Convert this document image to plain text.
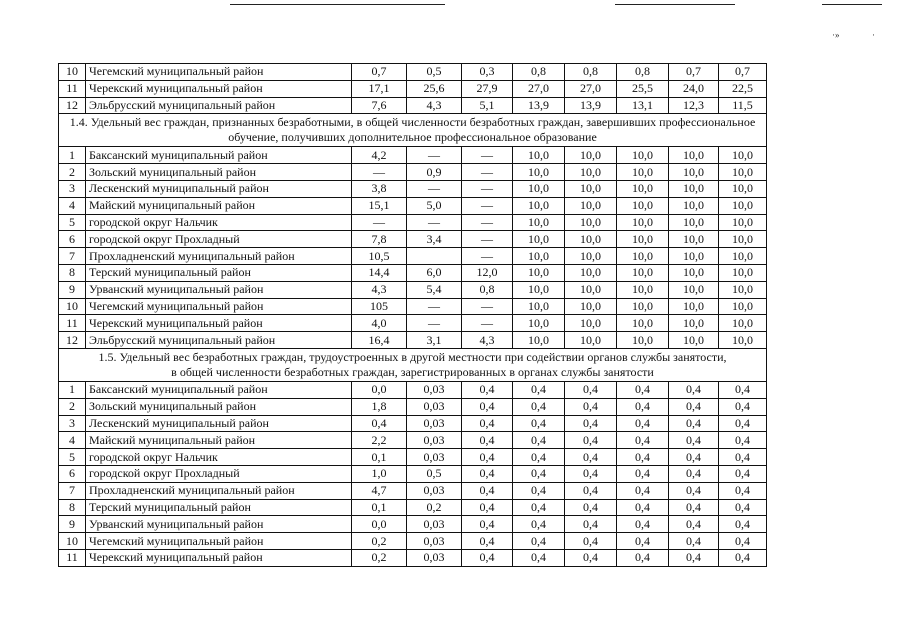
·»	·
10	Чегемский муниципальный район	0,7	0,5	0,3	0,8	0,8	0,8	0,7	0,7
11	Черекский муниципальный район	17,1	25,6	27,9	27,0	27,0	25,5	24,0	22,5
12	Эльбрусский муниципальный район	7,6	4,3	5,1	13,9	13,9	13,1	12,3	11,5
1.4. Удельный вес граждан, признанных безработными, в общей численности безработных граждан, завершивших профессиональное обучение, получивших дополнительное профессиональное образование									
1	Баксанский муниципальный район	4,2	—	—	10,0	10,0	10,0	10,0	10,0
2	Зольский муниципальный район	—	0,9	—	10,0	10,0	10,0	10,0	10,0
3	Лескенский муниципальный район	3,8	—	—	10,0	10,0	10,0	10,0	10,0
4	Майский муниципальный район	15,1	5,0	—	10,0	10,0	10,0	10,0	10,0
5	городской округ Нальчик	—	—	—	10,0	10,0	10,0	10,0	10,0
6	городской округ Прохладный	7,8	3,4	—	10,0	10,0	10,0	10,0	10,0
7	Прохладненский муниципальный район	10,5		—	10,0	10,0	10,0	10,0	10,0
8	Терский муниципальный район	14,4	6,0	12,0	10,0	10,0	10,0	10,0	10,0
9	Урванский муниципальный район	4,3	5,4	0,8	10,0	10,0	10,0	10,0	10,0
10	Чегемский муниципальный район	105	—	—	10,0	10,0	10,0	10,0	10,0
11	Черекский муниципальный район	4,0	—	—	10,0	10,0	10,0	10,0	10,0
12	Эльбрусский муниципальный район	16,4	3,1	4,3	10,0	10,0	10,0	10,0	10,0
1.5. Удельный вес безработных граждан, трудоустроенных в другой местности при содействии органов службы занятости,
в общей численности безработных граждан, зарегистрированных в органах службы занятости									
1	Баксанский муниципальный район	0,0	0,03	0,4	0,4	0,4	0,4	0,4	0,4
2	Зольский муниципальный район	1,8	0,03	0,4	0,4	0,4	0,4	0,4	0,4
3	Лескенский муниципальный район	0,4	0,03	0,4	0,4	0,4	0,4	0,4	0,4
4	Майский муниципальный район	2,2	0,03	0,4	0,4	0,4	0,4	0,4	0,4
5	городской округ Нальчик	0,1	0,03	0,4	0,4	0,4	0,4	0,4	0,4
6	городской округ Прохладный	1,0	0,5	0,4	0,4	0,4	0,4	0,4	0,4
7	Прохладненский муниципальный район	4,7	0,03	0,4	0,4	0,4	0,4	0,4	0,4
8	Терский муниципальный район	0,1	0,2	0,4	0,4	0,4	0,4	0,4	0,4
9	Урванский муниципальный район	0,0	0,03	0,4	0,4	0,4	0,4	0,4	0,4
10	Чегемский муниципальный район	0,2	0,03	0,4	0,4	0,4	0,4	0,4	0,4
11	Черекский муниципальный район	0,2	0,03	0,4	0,4	0,4	0,4	0,4	0,4
